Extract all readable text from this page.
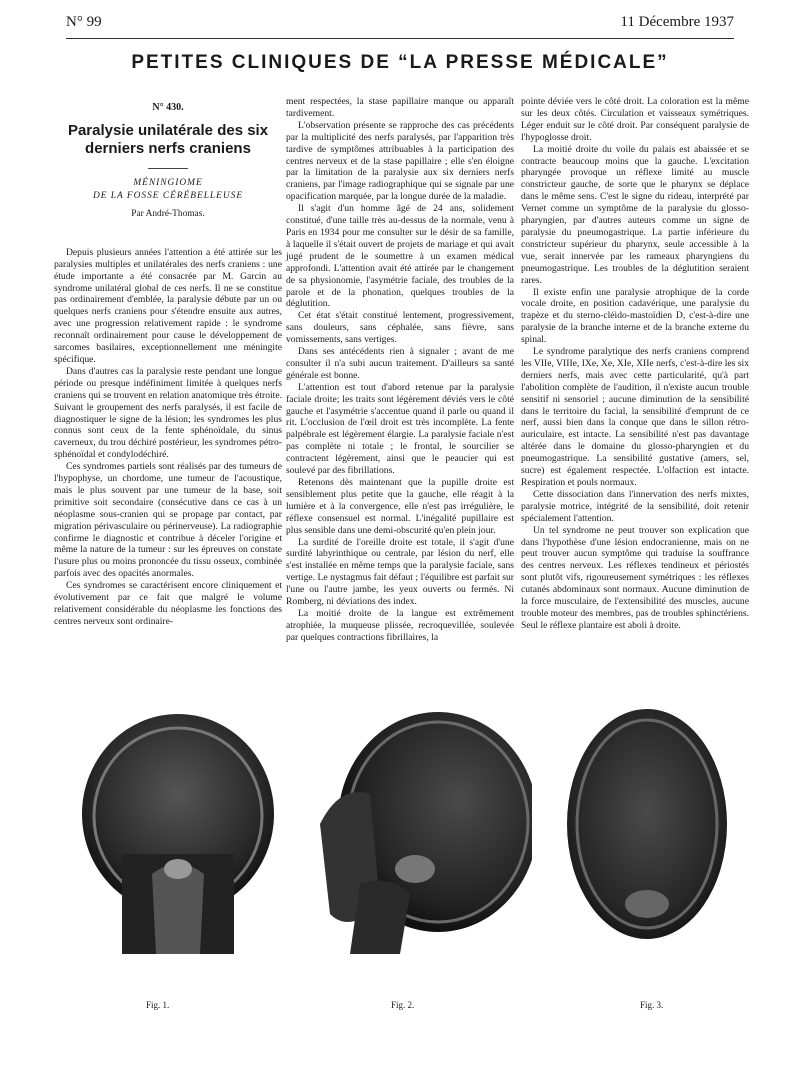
N° 99	11 Décembre 1937
PETITES CLINIQUES DE “LA PRESSE MÉDICALE”
N° 430.
Paralysie unilatérale des six derniers nerfs craniens
MÉNINGIOME
DE LA FOSSE CÉRÉBELLEUSE
Par André-Thomas.

Depuis plusieurs années l'attention a été attirée sur les paralysies multiples et unilatérales des nerfs craniens : une étude importante a été consacrée par M. Garcin au syndrome unilatéral global de ces nerfs. Il ne se constitue pas ordinairement d'emblée, la paralysie débute par un ou quelques nerfs craniens pour s'étendre ensuite aux autres, avec une progression relativement rapide : le syndrome reconnaît ordinairement pour cause le développement de sarcomes basilaires, exceptionnellement une méningite spécifique.

Dans d'autres cas la paralysie reste pendant une longue période ou presque indéfiniment limitée à quelques nerfs craniens qui se trouvent en relation anatomique très étroite. Suivant le groupement des nerfs paralysés, il est facile de diagnostiquer le signe de la lésion; les syndromes les plus connus sont ceux de la fente sphénoïdale, du sinus caverneux, du trou déchiré postérieur, les syndromes pétro-sphénoïdal et condylodéchiré.

Ces syndromes partiels sont réalisés par des tumeurs de l'hypophyse, un chordome, une tumeur de l'acoustique, mais le plus souvent par une tumeur de la base, soit primitive soit secondaire (consécutive dans ce cas à un néoplasme sous-cranien qui se propage par contact, par migration périvasculaire ou périnerveuse). La radiographie confirme le diagnostic et contribue à déceler l'origine et même la nature de la tumeur : sur les épreuves on constate l'usure plus ou moins prononcée du tissu osseux, combinée parfois avec des opacités anormales.

Ces syndromes se caractérisent encore cliniquement et évolutivement par ce fait que malgré le volume relativement considérable du néoplasme les fonctions des centres nerveux sont ordinaire-

ment respectées, la stase papillaire manque ou apparaît tardivement.

L'observation présente se rapproche des cas précédents par la multiplicité des nerfs paralysés, par l'apparition très tardive de symptômes attribuables à la participation des centres nerveux et de la stase papillaire ; elle s'en éloigne par la limitation de la paralysie aux six derniers nerfs craniens, par l'image radiographique qui se signale par une opacification marquée, par la longue durée de la maladie.

Il s'agit d'un homme âgé de 24 ans, solidement constitué, d'une taille très au-dessus de la normale, venu à Paris en 1934 pour me consulter sur le désir de sa famille, à laquelle il s'était ouvert de projets de mariage et qui avait jugé prudent de le soumettre à un examen médical approfondi. L'attention avait été attirée par le changement de sa physionomie, l'asymétrie faciale, des troubles de la parole et de la phonation, quelques troubles de la déglutition.

Cet état s'était constitué lentement, progressivement, sans douleurs, sans céphalée, sans fièvre, sans vomissements, sans vertiges.

Dans ses antécédents rien à signaler ; avant de me consulter il n'a subi aucun traitement. D'ailleurs sa santé générale est bonne.

L'attention est tout d'abord retenue par la paralysie faciale droite; les traits sont légèrement déviés vers le côté gauche et l'asymétrie s'accentue quand il parle ou quand il rit. L'occlusion de l'œil droit est très incomplète. La fente palpébrale est légèrement élargie. La paralysie faciale n'est pas complète ni totale ; le frontal, le sourcilier se contractent légèrement, ainsi que le peaucier qui est soulevé par des fibrillations.

Retenons dès maintenant que la pupille droite est sensiblement plus petite que la gauche, elle réagit à la lumière et à la convergence, elle n'est pas irrégulière, le réflexe consensuel est normal. L'inégalité pupillaire est plus sensible dans une demi-obscurité qu'en plein jour.

La surdité de l'oreille droite est totale, il s'agit d'une surdité labyrinthique ou centrale, par lésion du nerf, elle s'est installée en même temps que la paralysie faciale, sans vertige. Le nystagmus fait défaut ; l'équilibre est parfait sur l'une ou l'autre jambe, les yeux ouverts ou fermés. Ni Romberg, ni déviations des index.

La moitié droite de la langue est extrêmement atrophiée, la muqueuse plissée, recroquevillée, soulevée par quelques contractions fibrillaires, la

pointe déviée vers le côté droit. La coloration est la même sur les deux côtés. Circulation et vaisseaux symétriques. Léger enduit sur le côté droit. Par conséquent paralysie de l'hypoglosse droit.

La moitié droite du voile du palais est abaissée et se contracte beaucoup moins que la gauche. L'excitation pharyngée provoque un réflexe limité au muscle constricteur gauche, de sorte que le pharynx se déplace dans le même sens. C'est le signe du rideau, interprété par Vernet comme un symptôme de la paralysie du glosso-pharyngien, par d'autres auteurs comme un signe de paralysie du pneumogastrique. La partie inférieure du constricteur supérieur du pharynx, seule accessible à la vue, serait innervée par les rameaux pharyngiens du pneumogastrique. Les troubles de la déglutition seraient rares.

Il existe enfin une paralysie atrophique de la corde vocale droite, en position cadavérique, une paralysie du trapèze et du sterno-cléido-mastoïdien D, c'est-à-dire une paralysie de la branche interne et de la branche externe du spinal.

Le syndrome paralytique des nerfs craniens comprend les VIIe, VIIIe, IXe, Xe, XIe, XIIe nerfs, c'est-à-dire les six derniers nerfs, mais avec cette particularité, qu'à part l'abolition complète de l'audition, il n'existe aucun trouble sensitif ni sensoriel ; aucune diminution de la sensibilité dans le territoire du facial, la sensibilité d'emprunt de ce nerf, aussi bien dans la conque que dans le sillon rétro-auriculaire, est intacte. La sensibilité n'est pas davantage altérée dans le domaine du glosso-pharyngien et du pneumogastrique. La sensibilité gustative (amers, sel, sucre) est également respectée. L'olfaction est intacte. Respiration et pouls normaux.

Cette dissociation dans l'innervation des nerfs mixtes, paralysie motrice, intégrité de la sensibilité, doit retenir spécialement l'attention.

Un tel syndrome ne peut trouver son explication que dans l'hypothèse d'une lésion endocranienne, mais on ne peut trouver aucun symptôme qui traduise la souffrance des centres nerveux. Les réflexes tendineux et périostés sont plutôt vifs, rigoureusement symétriques : les réflexes cutanés abdominaux sont normaux. Aucune diminution de la force musculaire, de l'extensibilité des muscles, aucune trouble moteur des membres, pas de troubles sphinctériens. Seul le réflexe plantaire est aboli à droite.

Fig. 1.	Fig. 2.	Fig. 3.
